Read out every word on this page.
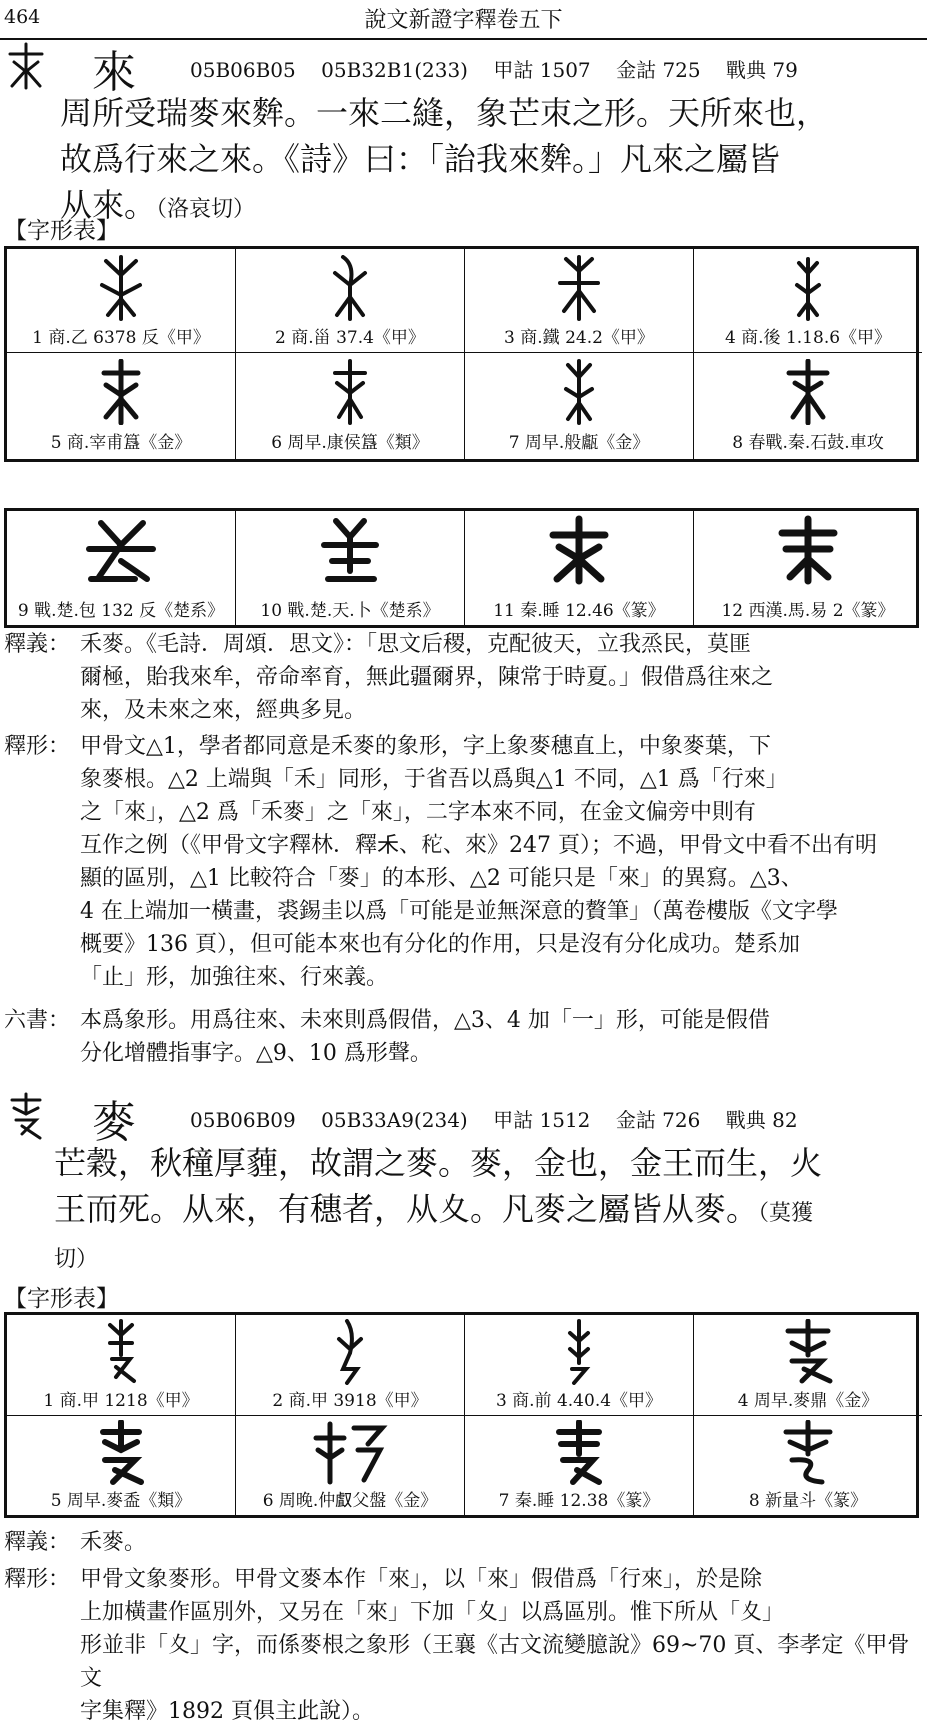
464	說文新證字釋卷五下
來	05B06B05    05B32B1(233)    甲詁 1507    金詁 725    戰典 79
周所受瑞麥來麰。一來二縫，象芒朿之形。天所來也，
故爲行來之來。《詩》曰：「詒我來麰。」凡來之屬皆
从來。（洛哀切）
【字形表】
1 商.乙 6378 反《甲》	2 商.甾 37.4《甲》	3 商.鐵 24.2《甲》	4 商.後 1.18.6《甲》
5 商.宰甫簋《金》	6 周早.康侯簋《類》	7 周早.般甗《金》	8 春戰.秦.石鼓.車攻
9 戰.楚.包 132 反《楚系》	10 戰.楚.天.卜《楚系》	11 秦.睡 12.46《篆》	12 西漢.馬.易 2《篆》
釋義： 禾麥。《毛詩．周頌．思文》：「思文后稷，克配彼天，立我烝民，莫匪
爾極，貽我來牟，帝命率育，無此疆爾界，陳常于時夏。」假借爲往來之
來，及未來之來，經典多見。
釋形： 甲骨文△1，學者都同意是禾麥的象形，字上象麥穗直上，中象麥葉，下
象麥根。△2 上端與「禾」同形，于省吾以爲與△1 不同，△1 爲「行來」
之「來」，△2 爲「禾麥」之「來」，二字本來不同，在金文偏旁中則有
互作之例（《甲骨文字釋林．釋𥝌、𥞒、來》247 頁）；不過，甲骨文中看不出有明
顯的區別，△1 比較符合「麥」的本形、△2 可能只是「來」的異寫。△3、
4 在上端加一橫畫，裘錫圭以爲「可能是並無深意的贅筆」（萬卷樓版《文字學
概要》136 頁），但可能本來也有分化的作用，只是沒有分化成功。楚系加
「止」形，加強往來、行來義。
六書： 本爲象形。用爲往來、未來則爲假借，△3、4 加「一」形，可能是假借
分化增體指事字。△9、10 爲形聲。
麥	05B06B09    05B33A9(234)    甲詁 1512    金詁 726    戰典 82
芒穀，秋穜厚薶，故謂之麥。麥，金也，金王而生，火
王而死。从來，有穗者，从夊。凡麥之屬皆从麥。（莫獲
切）
【字形表】
1 商.甲 1218《甲》	2 商.甲 3918《甲》	3 商.前 4.40.4《甲》	4 周早.麥鼎《金》
5 周早.麥盉《類》	6 周晚.仲𠭯父盤《金》	7 秦.睡 12.38《篆》	8 新量斗《篆》
釋義： 禾麥。
釋形： 甲骨文象麥形。甲骨文麥本作「來」，以「來」假借爲「行來」，於是除
上加橫畫作區別外，又另在「來」下加「夊」以爲區別。惟下所从「夊」
形並非「夊」字，而係麥根之象形（王襄《古文流變臆說》69~70 頁、李孝定《甲骨文
字集釋》1892 頁俱主此說）。
